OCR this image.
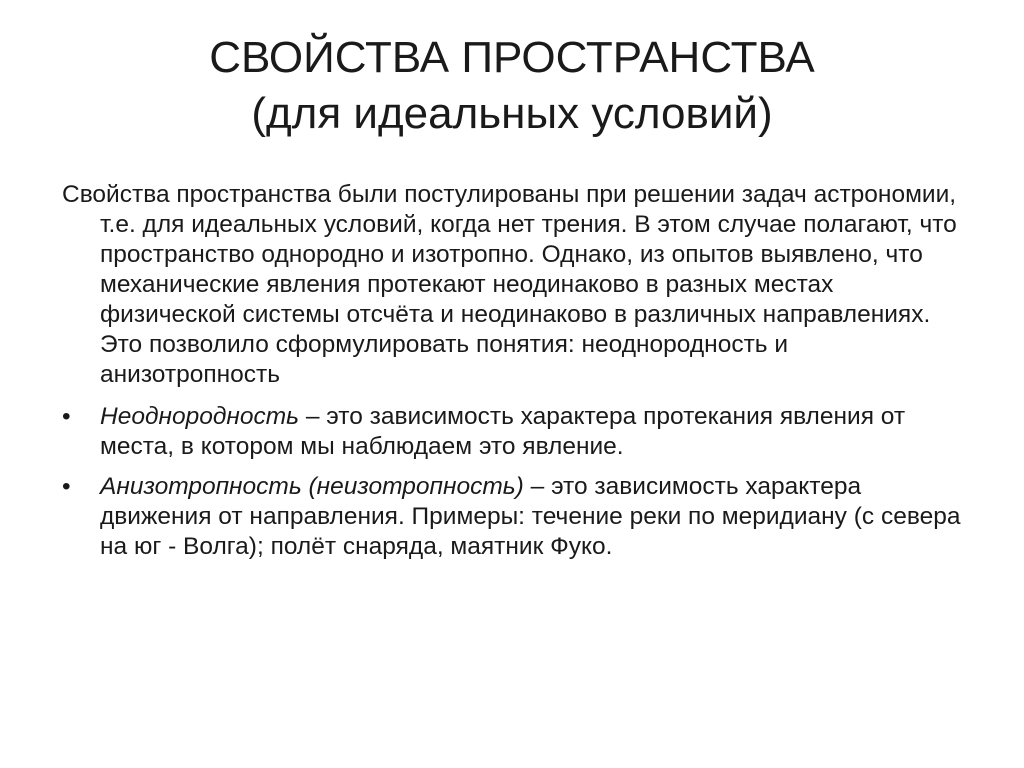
СВОЙСТВА ПРОСТРАНСТВА
(для идеальных условий)

Свойства пространства были постулированы при решении задач астрономии, т.е. для идеальных условий, когда нет трения. В этом случае полагают, что пространство однородно и изотропно. Однако, из опытов выявлено, что механические явления протекают неодинаково в разных местах физической системы отсчёта и неодинаково в различных направлениях. Это позволило сформулировать понятия: неоднородность и анизотропность

•	Неоднородность – это зависимость характера протекания явления от места, в котором мы наблюдаем это явление.
•	Анизотропность (неизотропность) – это зависимость характера движения от направления. Примеры: течение реки по меридиану (с севера на юг - Волга); полёт снаряда, маятник Фуко.
